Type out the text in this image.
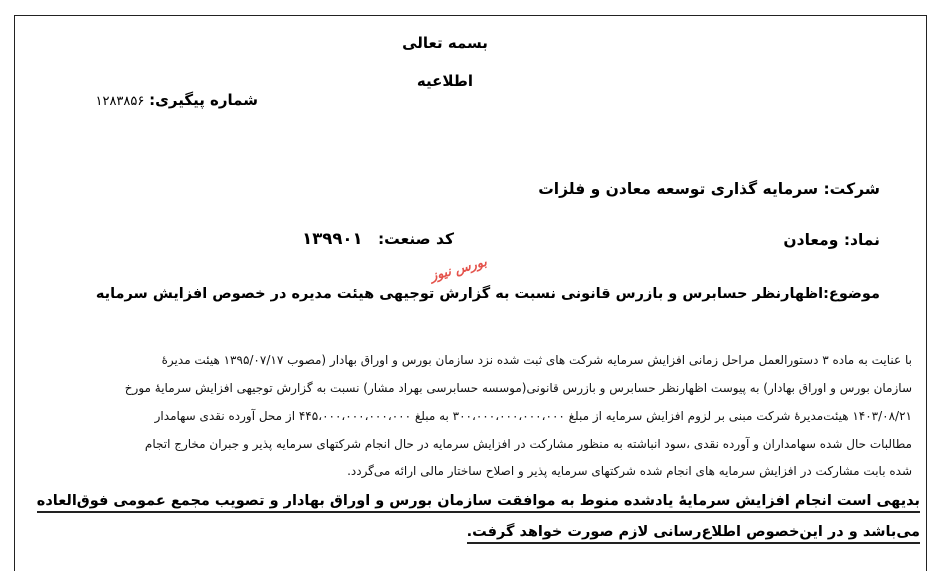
بسمه تعالی
اطلاعیه
شماره پیگیری: ۱۲۸۳۸۵۶
شرکت: سرمایه گذاری توسعه معادن و فلزات
نماد: ومعادن
کد صنعت: ۱۳۹۹۰۱
موضوع:اظهارنظر حسابرس و بازرس قانونی نسبت به گزارش توجیهی هیئت مدیره در خصوص افزایش سرمایه
بورس نیوز
با عنایت به ماده ۳ دستورالعمل مراحل زمانی افزایش سرمایه شرکت های ثبت شده نزد سازمان بورس و اوراق بهادار (مصوب ۱۳۹۵/۰۷/۱۷ هیئت مدیرهٔ
سازمان بورس و اوراق بهادار) به پیوست اظهارنظر حسابرس و بازرس قانونی(موسسه حسابرسی بهراد مشار) نسبت به گزارش توجیهی افزایش سرمایهٔ مورخ
۱۴۰۳/۰۸/۲۱ هیئت‌مدیرهٔ شرکت مبنی بر لزوم افزایش سرمایه از مبلغ ۳۰۰،۰۰۰،۰۰۰،۰۰۰،۰۰۰ به مبلغ ۴۴۵،۰۰۰،۰۰۰،۰۰۰،۰۰۰ از محل آورده نقدی سهامدار
مطالبات حال شده سهامداران و آورده نقدی ،سود انباشته به منظور مشارکت در افزایش سرمایه در حال انجام شرکتهای سرمایه پذیر و جبران مخارج اتجام
شده بابت مشارکت در افزایش سرمایه های انجام شده شرکتهای سرمایه پذیر و اصلاح ساختار مالی ارائه می‌گردد.
بدیهی است انجام افزایش سرمایهٔ یادشده منوط به موافقت سازمان بورس و اوراق بهادار و تصویب مجمع عمومی فوق‌العاده
می‌باشد و در این‌خصوص اطلاع‌رسانی لازم صورت خواهد گرفت.
